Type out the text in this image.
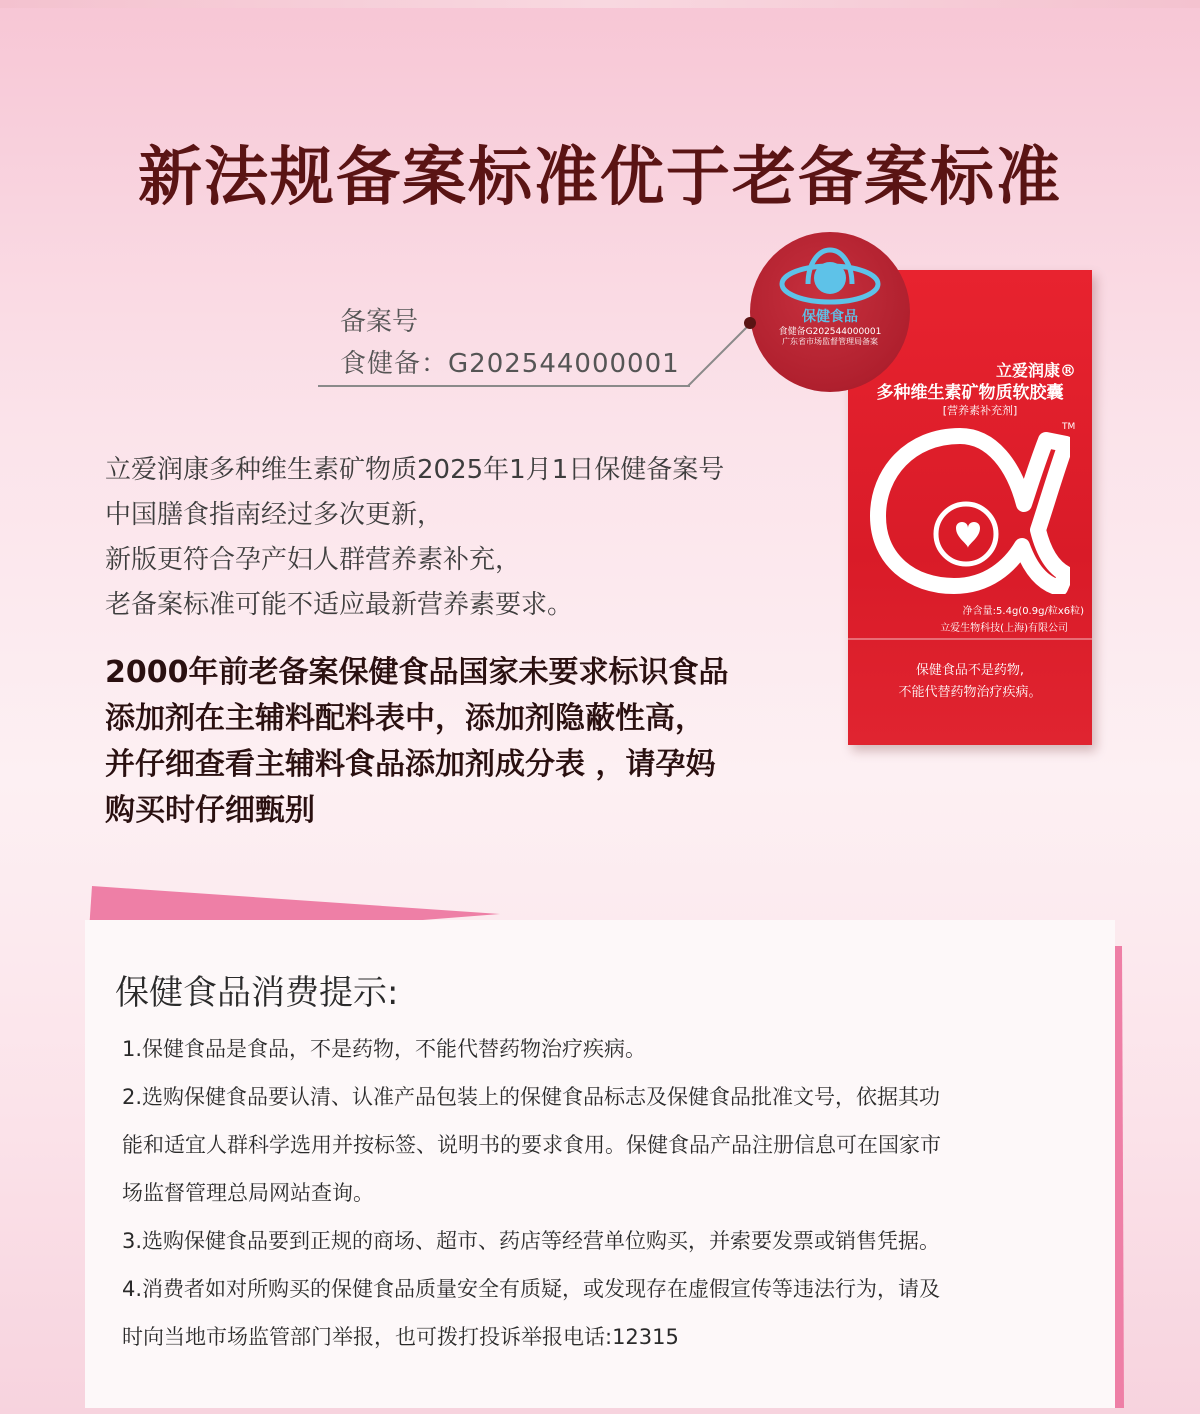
新法规备案标准优于老备案标准
备案号
食健备：G202544000001
立爱润康多种维生素矿物质2025年1月1日保健备案号
中国膳食指南经过多次更新，
新版更符合孕产妇人群营养素补充，
老备案标准可能不适应最新营养素要求。
2000年前老备案保健食品国家未要求标识食品
添加剂在主辅料配料表中，添加剂隐蔽性高，
并仔细查看主辅料食品添加剂成分表 ，请孕妈
购买时仔细甄别
立爱润康®
多种维生素矿物质软胶囊
[营养素补充剂]
TM
净含量:5.4g(0.9g/粒x6粒)
立爱生物科技(上海)有限公司
保健食品不是药物,
不能代替药物治疗疾病。
保健食品
食健备G202544000001
广东省市场监督管理局备案
保健食品消费提示:
1.保健食品是食品，不是药物，不能代替药物治疗疾病。
2.选购保健食品要认清、认准产品包装上的保健食品标志及保健食品批准文号，依据其功
能和适宜人群科学选用并按标签、说明书的要求食用。保健食品产品注册信息可在国家市
场监督管理总局网站查询。
3.选购保健食品要到正规的商场、超市、药店等经营单位购买，并索要发票或销售凭据。
4.消费者如对所购买的保健食品质量安全有质疑，或发现存在虚假宣传等违法行为，请及
时向当地市场监管部门举报，也可拨打投诉举报电话:12315
